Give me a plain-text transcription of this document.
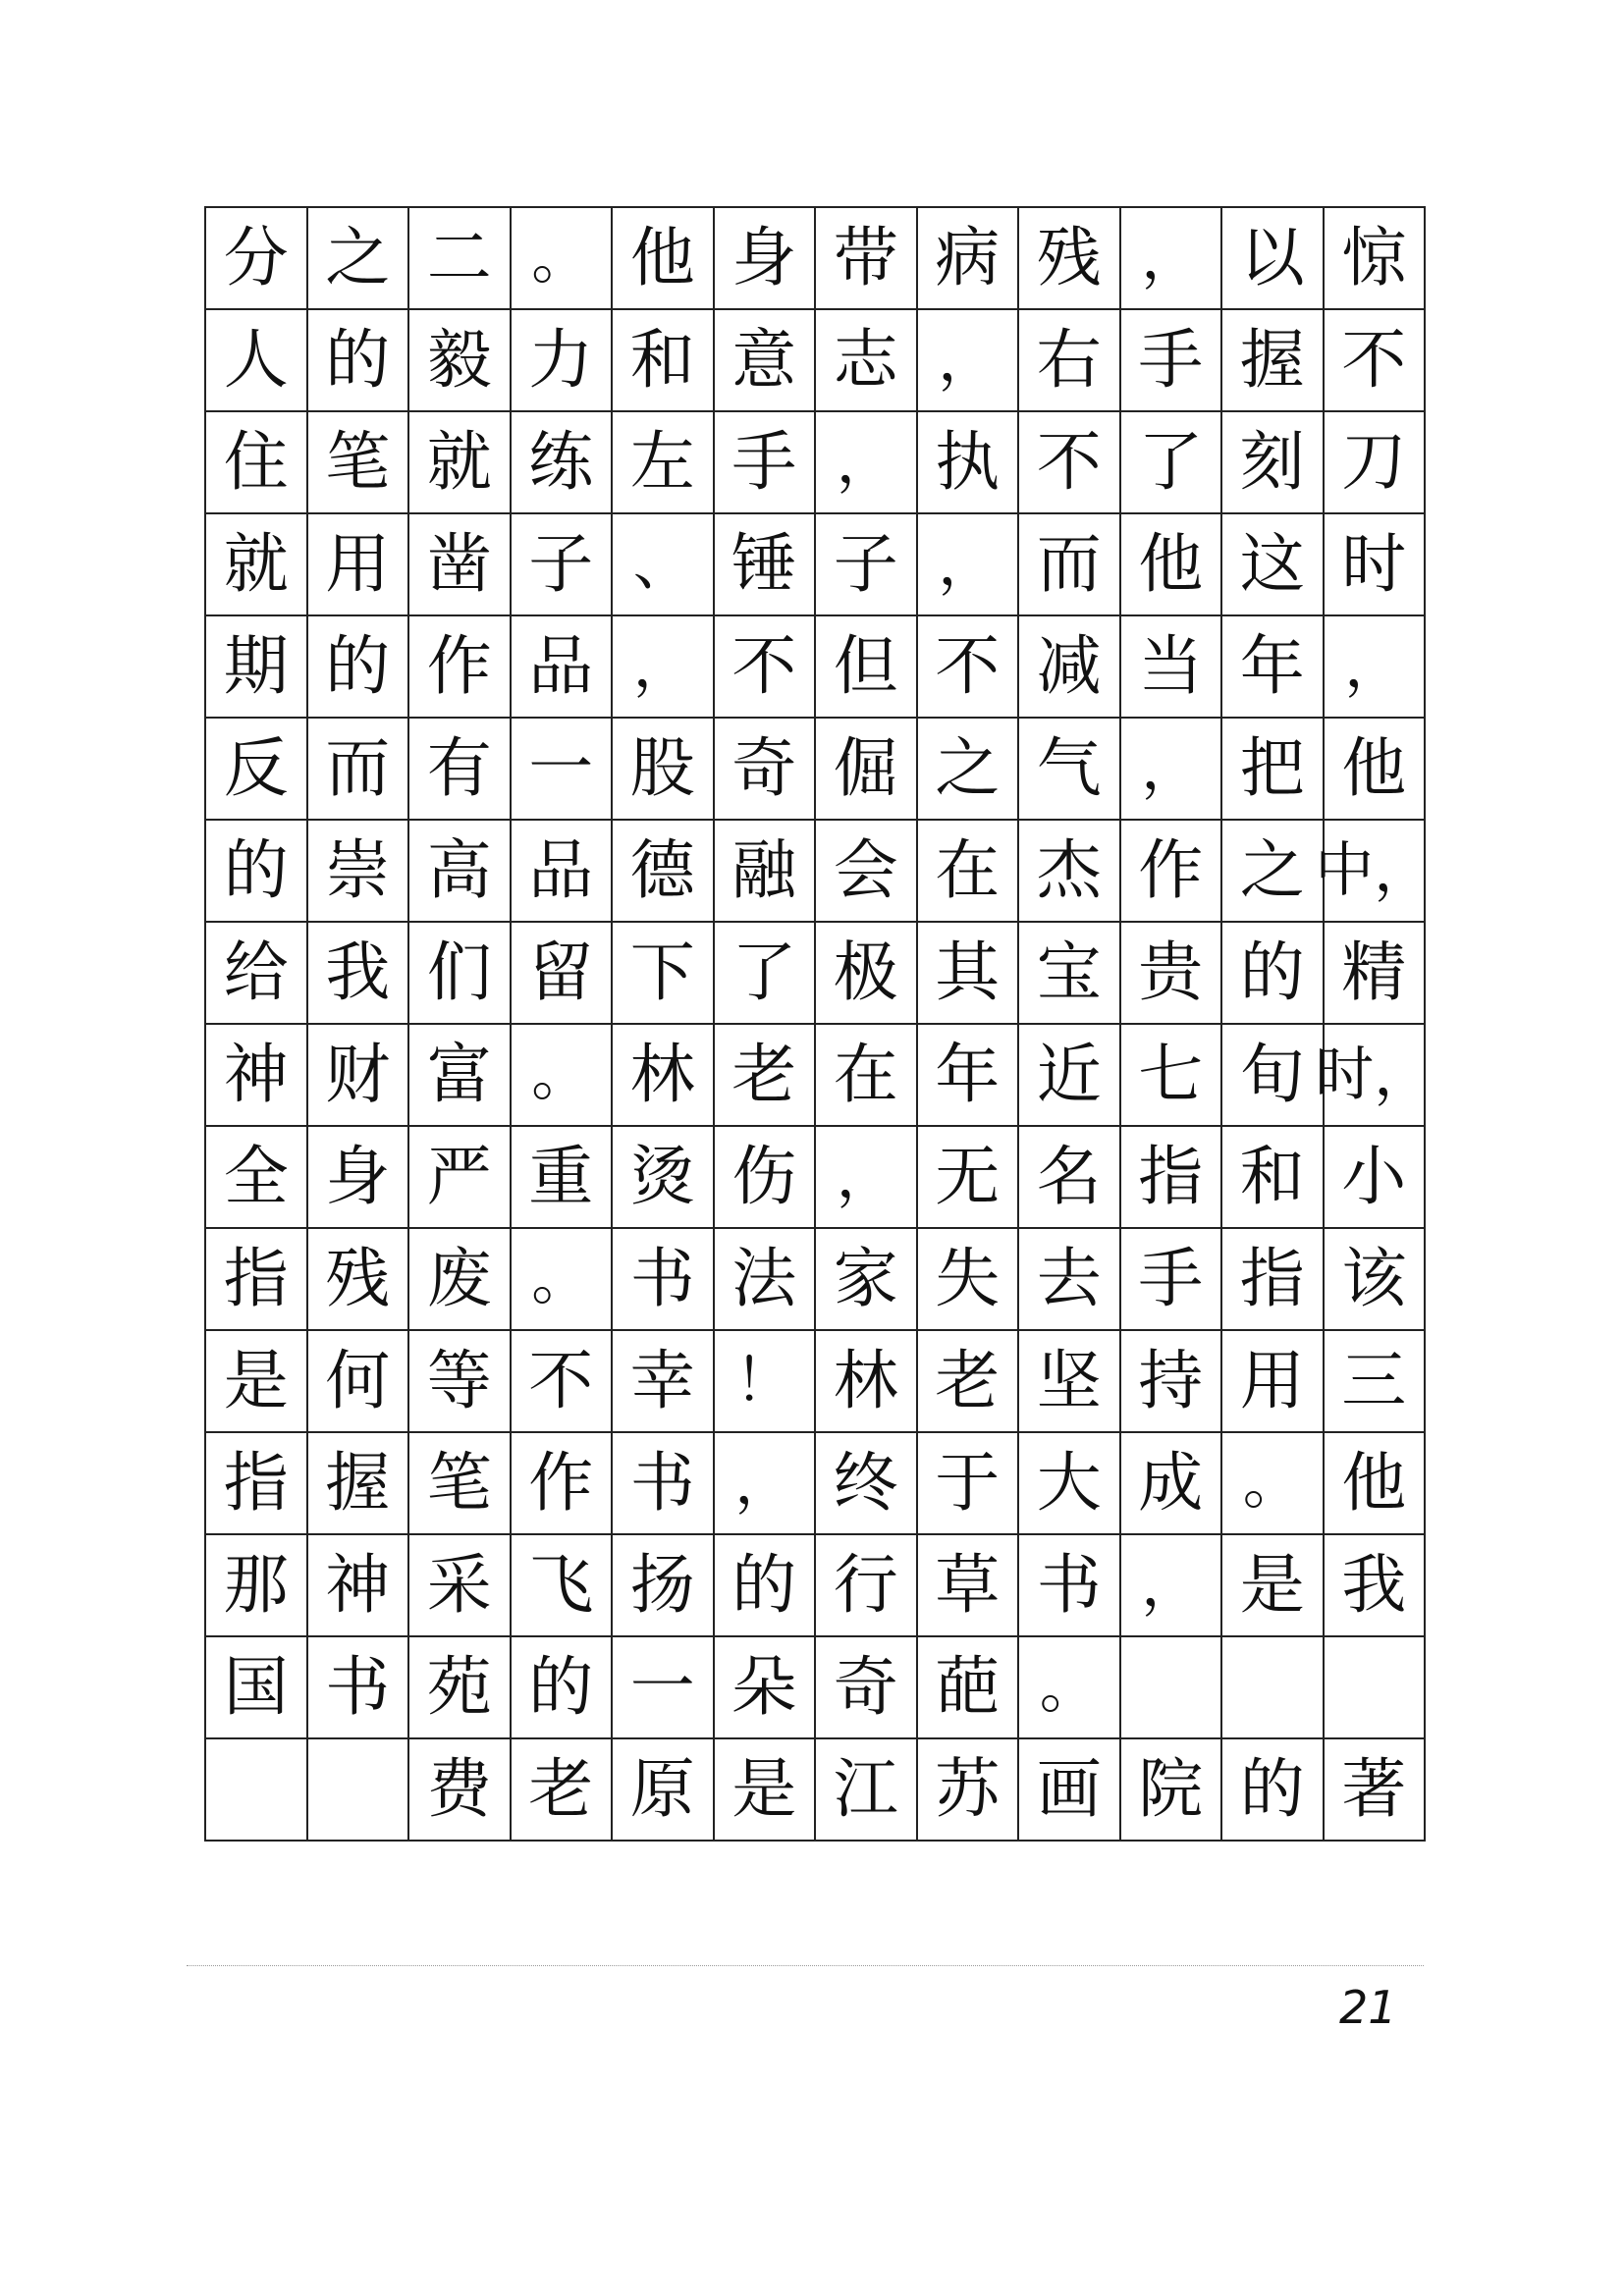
分 之 二 。 他 身 带 病 残 ， 以 惊
人 的 毅 力 和 意 志 ， 右 手 握 不
住 笔 就 练 左 手 ， 执 不 了 刻 刀
就 用 凿 子 、 锤 子 ， 而 他 这 时
期 的 作 品 ， 不 但 不 减 当 年 ，
反 而 有 一 股 奇 倔 之 气 ， 把 他
的 崇 高 品 德 融 会 在 杰 作 之 中，
给 我 们 留 下 了 极 其 宝 贵 的 精
神 财 富 。 林 老 在 年 近 七 旬 时，
全 身 严 重 烫 伤 ， 无 名 指 和 小
指 残 废 。 书 法 家 失 去 手 指 该
是 何 等 不 幸 ！ 林 老 坚 持 用 三
指 握 笔 作 书 ， 终 于 大 成 。 他
那 神 采 飞 扬 的 行 草 书 ， 是 我
国 书 苑 的 一 朵 奇 葩 。
费 老 原 是 江 苏 画 院 的 著
21
